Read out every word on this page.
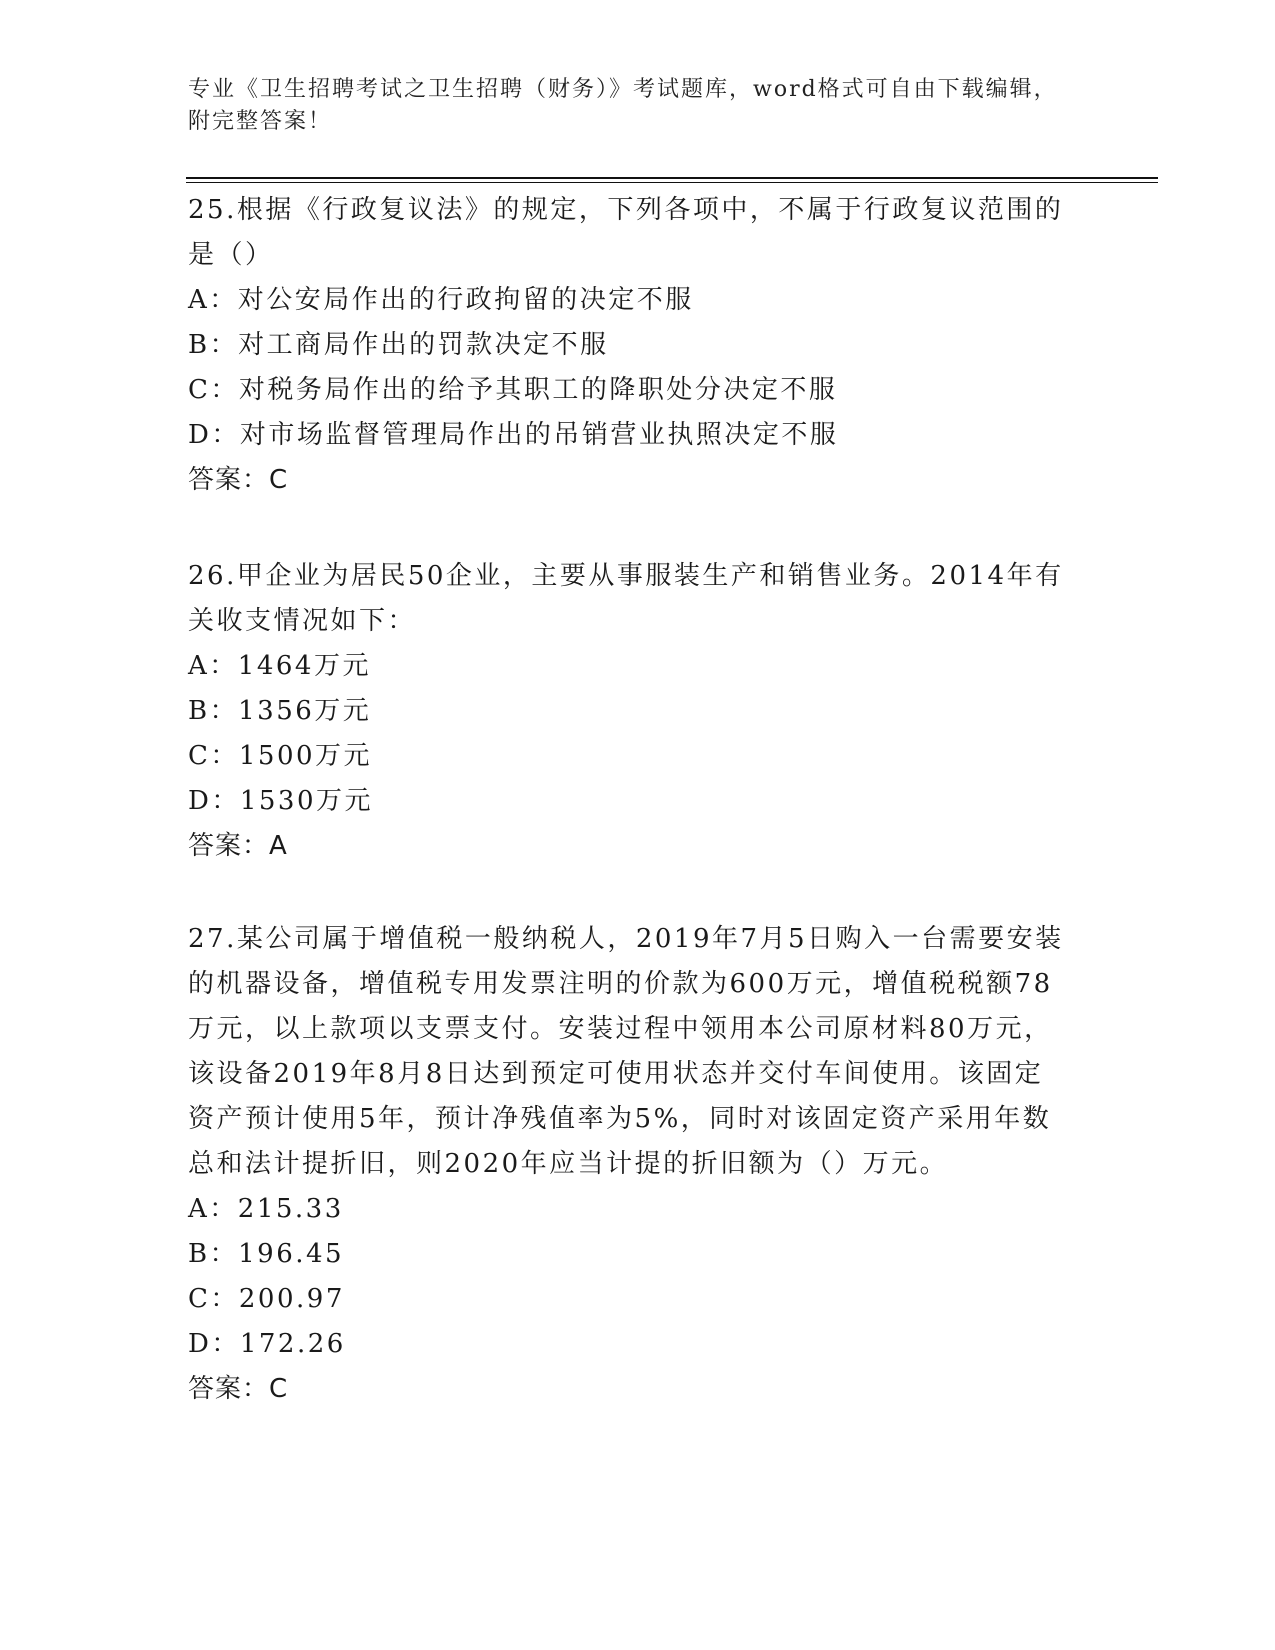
专业《卫生招聘考试之卫生招聘（财务）》考试题库，word格式可自由下载编辑，附完整答案！
25.根据《行政复议法》的规定，下列各项中，不属于行政复议范围的是（）
A：对公安局作出的行政拘留的决定不服
B：对工商局作出的罚款决定不服
C：对税务局作出的给予其职工的降职处分决定不服
D：对市场监督管理局作出的吊销营业执照决定不服
答案：C
26.甲企业为居民50企业，主要从事服装生产和销售业务。2014年有关收支情况如下：
A：1464万元
B：1356万元
C：1500万元
D：1530万元
答案：A
27.某公司属于增值税一般纳税人，2019年7月5日购入一台需要安装的机器设备，增值税专用发票注明的价款为600万元，增值税税额78万元，以上款项以支票支付。安装过程中领用本公司原材料80万元，该设备2019年8月8日达到预定可使用状态并交付车间使用。该固定资产预计使用5年，预计净残值率为5%，同时对该固定资产采用年数总和法计提折旧，则2020年应当计提的折旧额为（）万元。
A：215.33
B：196.45
C：200.97
D：172.26
答案：C
